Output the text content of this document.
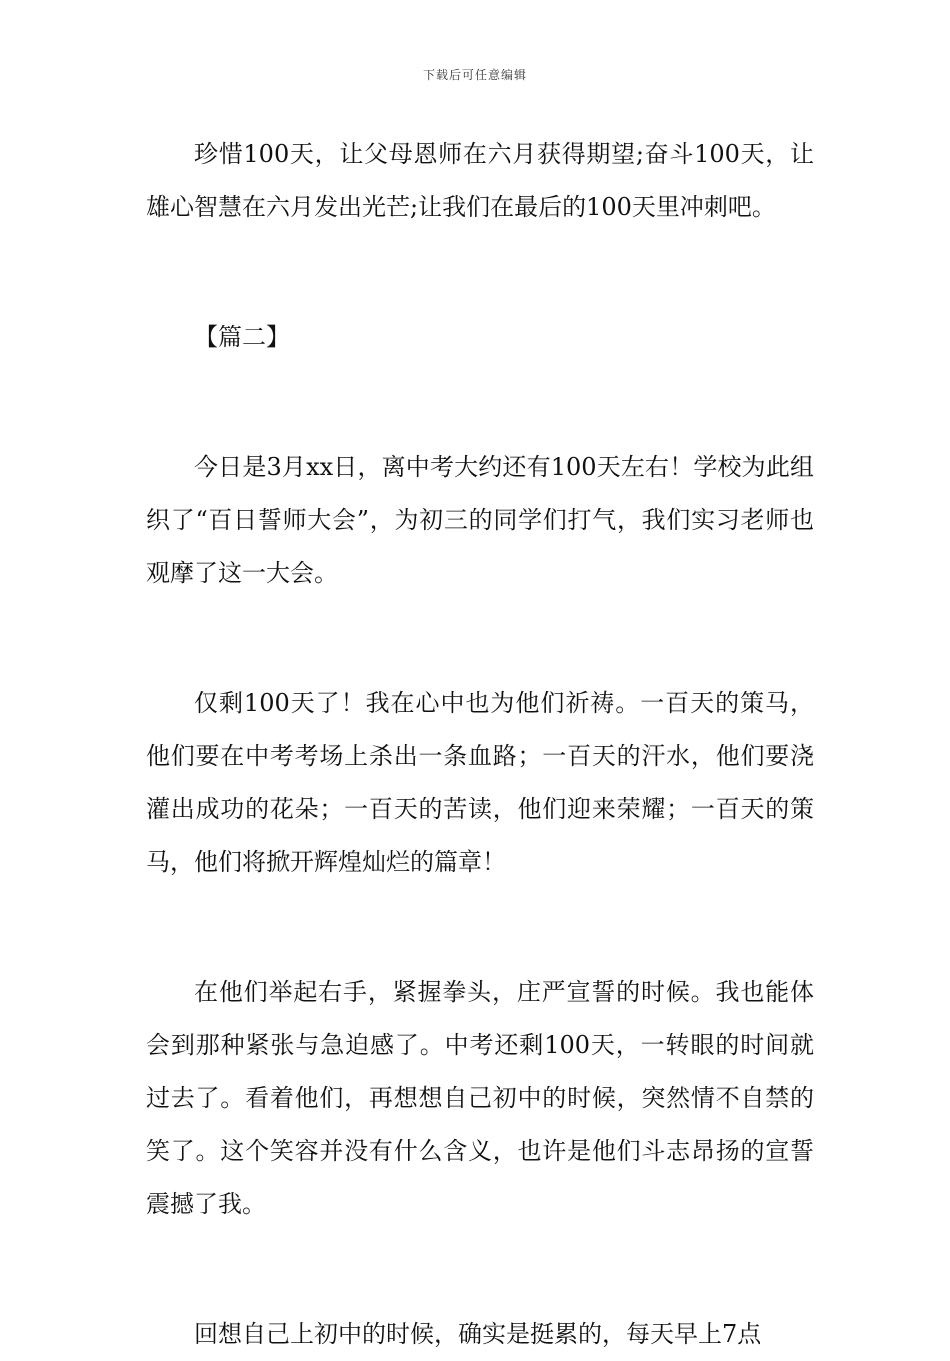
下载后可任意编辑

珍惜100天，让父母恩师在六月获得期望;奋斗100天，让雄心智慧在六月发出光芒;让我们在最后的100天里冲刺吧。

【篇二】

今日是3月xx日，离中考大约还有100天左右！学校为此组织了“百日誓师大会”，为初三的同学们打气，我们实习老师也观摩了这一大会。

仅剩100天了！我在心中也为他们祈祷。一百天的策马，他们要在中考考场上杀出一条血路；一百天的汗水，他们要浇灌出成功的花朵；一百天的苦读，他们迎来荣耀；一百天的策马，他们将掀开辉煌灿烂的篇章！

在他们举起右手，紧握拳头，庄严宣誓的时候。我也能体会到那种紧张与急迫感了。中考还剩100天，一转眼的时间就过去了。看着他们，再想想自己初中的时候，突然情不自禁的笑了。这个笑容并没有什么含义，也许是他们斗志昂扬的宣誓震撼了我。

回想自己上初中的时候，确实是挺累的，每天早上7点
